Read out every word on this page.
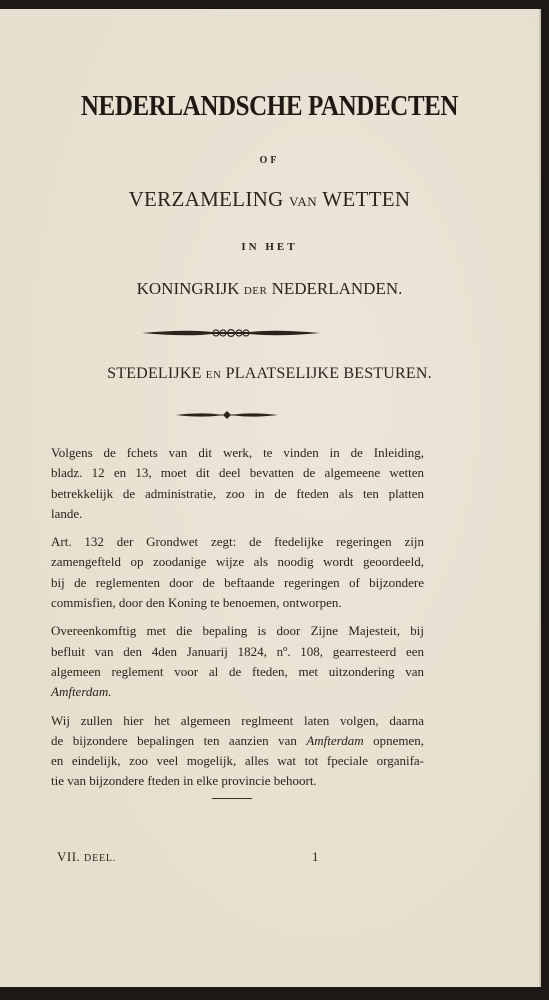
NEDERLANDSCHE PANDECTEN
OF
VERZAMELING VAN WETTEN
IN HET
KONINGRIJK DER NEDERLANDEN.
STEDELIJKE EN PLAATSELIJKE BESTUREN.

Volgens de fchets van dit werk, te vinden in de Inleiding,
bladz. 12 en 13, moet dit deel bevatten de algemeene wetten
betrekkelijk de administratie, zoo in de fteden als ten platten
lande.

Art. 132 der Grondwet zegt: de ftedelijke regeringen zijn
zamengefteld op zoodanige wijze als noodig wordt geoordeeld,
bij de reglementen door de beftaande regeringen of bijzondere
commisfien, door den Koning te benoemen, ontworpen.

Overeenkomftig met die bepaling is door Zijne Majesteit, bij
befluit van den 4den Januarij 1824, nº. 108, gearresteerd een
algemeen reglement voor al de fteden, met uitzondering van
Amfterdam.

Wij zullen hier het algemeen reglmeent laten volgen, daarna
de bijzondere bepalingen ten aanzien van Amfterdam opnemen,
en eindelijk, zoo veel mogelijk, alles wat tot fpeciale organifa-
tie van bijzondere fteden in elke provincie behoort.

VII. DEEL.	1
